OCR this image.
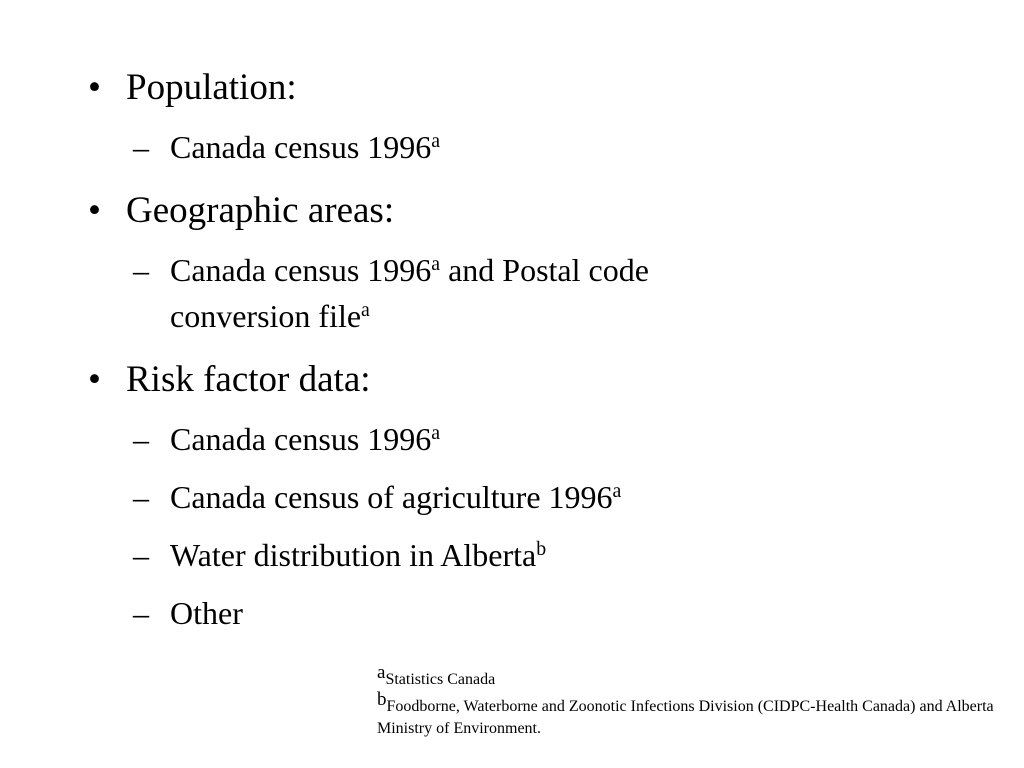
• Population:
– Canada census 1996$^a$
• Geographic areas:
– Canada census 1996$^a$ and Postal code
conversion file$^a$
• Risk factor data:
– Canada census 1996$^a$
– Canada census of agriculture 1996$^a$
– Water distribution in Alberta$^b$
– Other
aStatistics Canada
bFoodborne, Waterborne and Zoonotic Infections Division (CIDPC-Health Canada) and Alberta Ministry of Environment.
